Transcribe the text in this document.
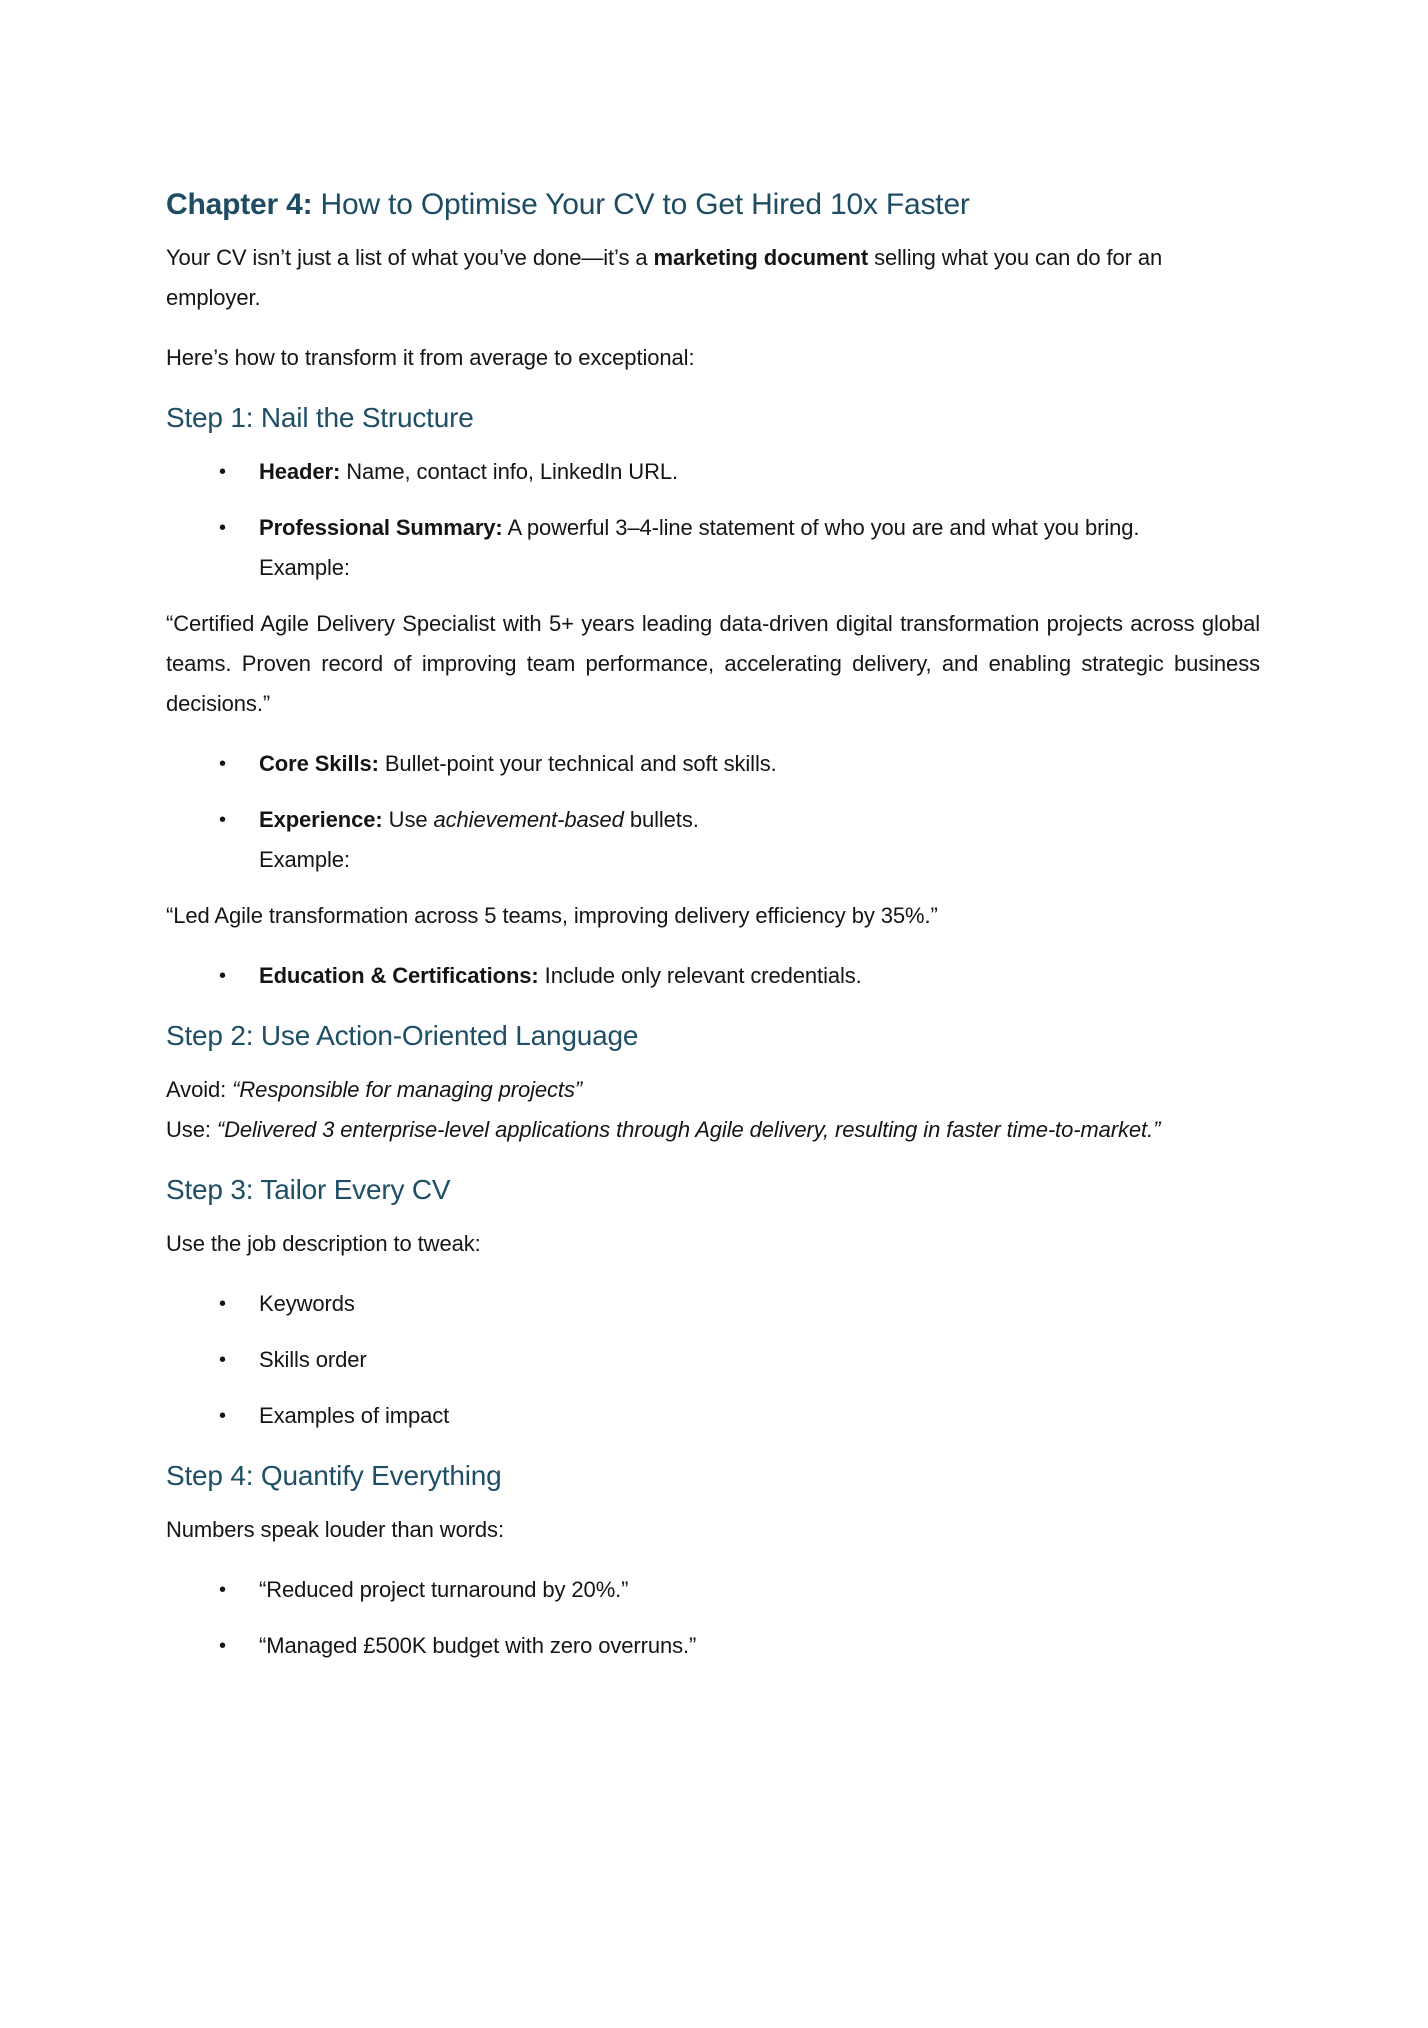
Chapter 4: How to Optimise Your CV to Get Hired 10x Faster

Your CV isn’t just a list of what you’ve done—it’s a marketing document selling what you can do for an employer.

Here’s how to transform it from average to exceptional:

Step 1: Nail the Structure
• Header: Name, contact info, LinkedIn URL.
• Professional Summary: A powerful 3–4-line statement of who you are and what you bring.
Example:

“Certified Agile Delivery Specialist with 5+ years leading data-driven digital transformation projects across global teams. Proven record of improving team performance, accelerating delivery, and enabling strategic business decisions.”

• Core Skills: Bullet-point your technical and soft skills.
• Experience: Use achievement-based bullets.
Example:

“Led Agile transformation across 5 teams, improving delivery efficiency by 35%.”

• Education & Certifications: Include only relevant credentials.
Step 2: Use Action-Oriented Language

Avoid: “Responsible for managing projects”
Use: “Delivered 3 enterprise-level applications through Agile delivery, resulting in faster time-to-market.”

Step 3: Tailor Every CV

Use the job description to tweak:

• Keywords
• Skills order
• Examples of impact
Step 4: Quantify Everything

Numbers speak louder than words:

• “Reduced project turnaround by 20%.”
• “Managed £500K budget with zero overruns.”
